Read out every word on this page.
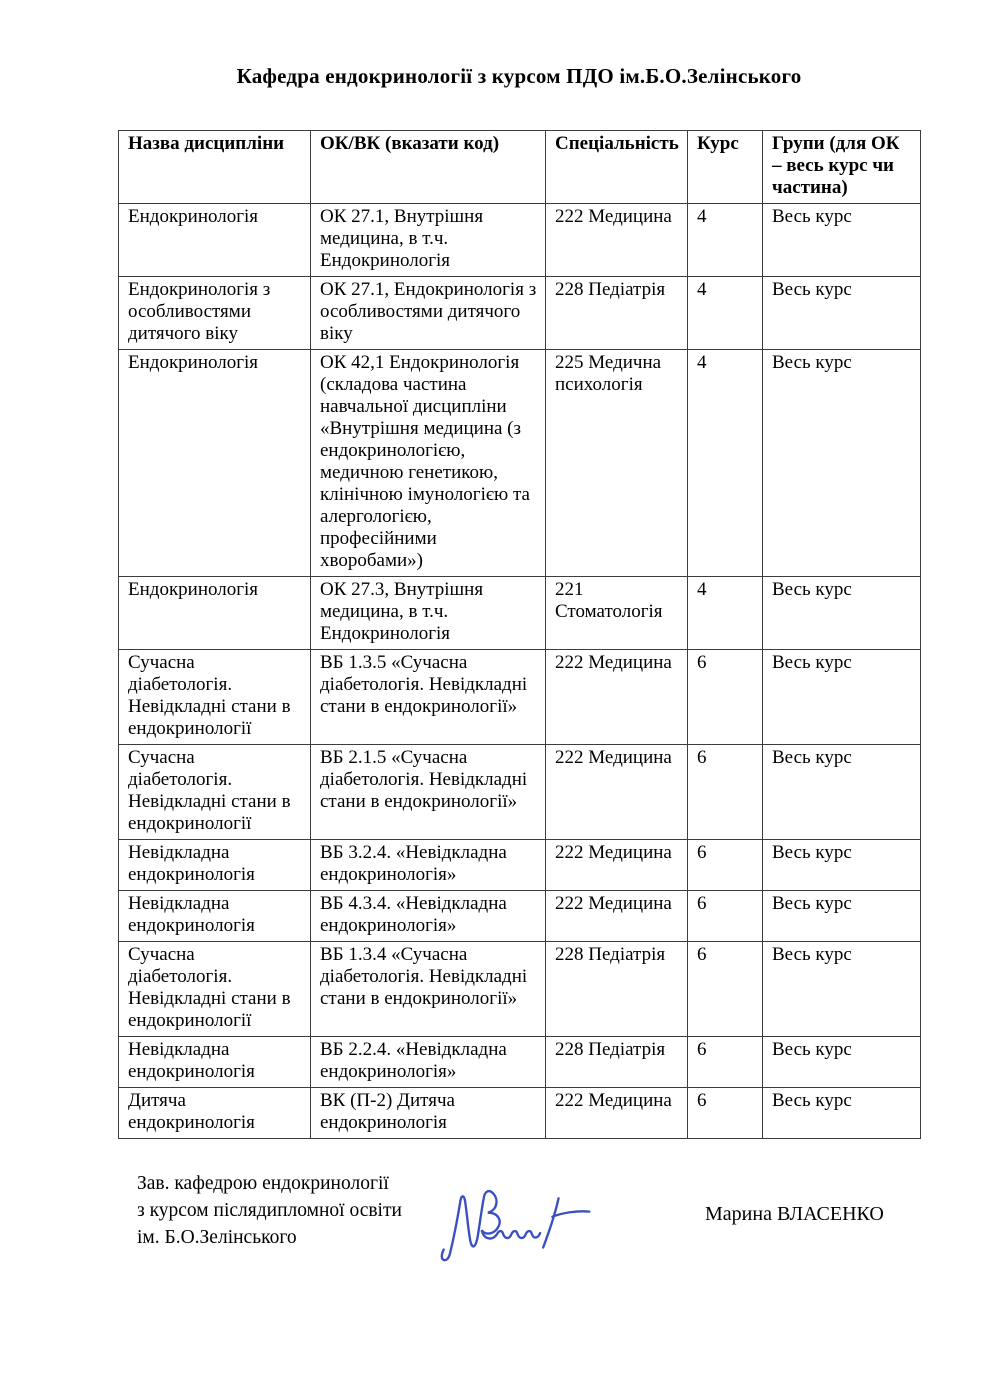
Кафедра ендокринології з курсом ПДО ім.Б.О.Зелінського
Назва дисципліни	ОК/ВК (вказати код)	Спеціальність	Курс	Групи (для ОК – весь курс чи частина)
Ендокринологія	ОК 27.1, Внутрішня медицина, в т.ч. Ендокринологія	222 Медицина	4	Весь курс
Ендокринологія з особливостями дитячого віку	ОК 27.1, Ендокринологія з особливостями дитячого віку	228 Педіатрія	4	Весь курс
Ендокринологія	ОК 42,1 Ендокринологія (складова частина навчальної дисципліни «Внутрішня медицина (з ендокринологією, медичною генетикою, клінічною імунологією та алергологією, професійними хворобами»)	225 Медична психологія	4	Весь курс
Ендокринологія	ОК 27.3, Внутрішня медицина, в т.ч. Ендокринологія	221 Стоматологія	4	Весь курс
Сучасна діабетологія. Невідкладні стани в ендокринології	ВБ 1.3.5 «Сучасна діабетологія. Невідкладні стани в ендокринології»	222 Медицина	6	Весь курс
Сучасна діабетологія. Невідкладні стани в ендокринології	ВБ 2.1.5 «Сучасна діабетологія. Невідкладні стани в ендокринології»	222 Медицина	6	Весь курс
Невідкладна ендокринологія	ВБ 3.2.4. «Невідкладна ендокринологія»	222 Медицина	6	Весь курс
Невідкладна ендокринологія	ВБ 4.3.4. «Невідкладна ендокринологія»	222 Медицина	6	Весь курс
Сучасна діабетологія. Невідкладні стани в ендокринології	ВБ 1.3.4 «Сучасна діабетологія. Невідкладні стани в ендокринології»	228 Педіатрія	6	Весь курс
Невідкладна ендокринологія	ВБ 2.2.4. «Невідкладна ендокринологія»	228 Педіатрія	6	Весь курс
Дитяча ендокринологія	ВК (П-2) Дитяча ендокринологія	222 Медицина	6	Весь курс

Зав. кафедрою ендокринології

з курсом післядипломної освіти

ім. Б.О.Зелінського

Марина ВЛАСЕНКО
